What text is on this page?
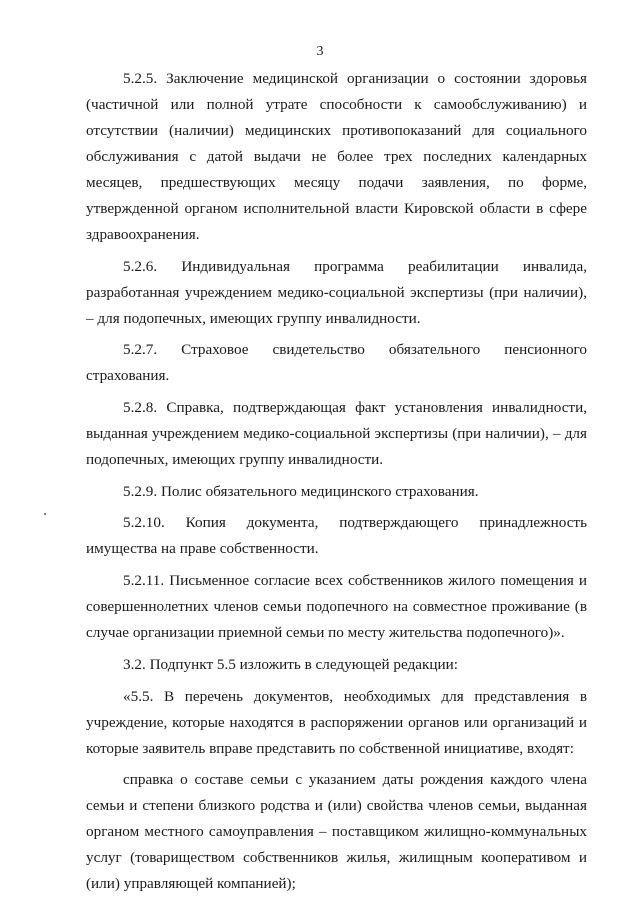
3

5.2.5. Заключение медицинской организации о состоянии здоровья (частичной или полной утрате способности к самообслуживанию) и отсутствии (наличии) медицинских противопоказаний для социального обслуживания с датой выдачи не более трех последних календарных месяцев, предшествующих месяцу подачи заявления, по форме, утвержденной органом исполнительной власти Кировской области в сфере здравоохранения.

5.2.6. Индивидуальная программа реабилитации инвалида, разработанная учреждением медико-социальной экспертизы (при наличии), – для подопечных, имеющих группу инвалидности.

5.2.7. Страховое свидетельство обязательного пенсионного страхования.

5.2.8. Справка, подтверждающая факт установления инвалидности, выданная учреждением медико-социальной экспертизы (при наличии), – для подопечных, имеющих группу инвалидности.

5.2.9. Полис обязательного медицинского страхования.

5.2.10. Копия документа, подтверждающего принадлежность имущества на праве собственности.

5.2.11. Письменное согласие всех собственников жилого помещения и совершеннолетних членов семьи подопечного на совместное проживание (в случае организации приемной семьи по месту жительства подопечного)».

3.2. Подпункт 5.5 изложить в следующей редакции:

«5.5. В перечень документов, необходимых для представления в учреждение, которые находятся в распоряжении органов или организаций и которые заявитель вправе представить по собственной инициативе, входят:

справка о составе семьи с указанием даты рождения каждого члена семьи и степени близкого родства и (или) свойства членов семьи, выданная органом местного самоуправления – поставщиком жилищно-коммунальных услуг (товариществом собственников жилья, жилищным кооперативом и (или) управляющей компанией);
